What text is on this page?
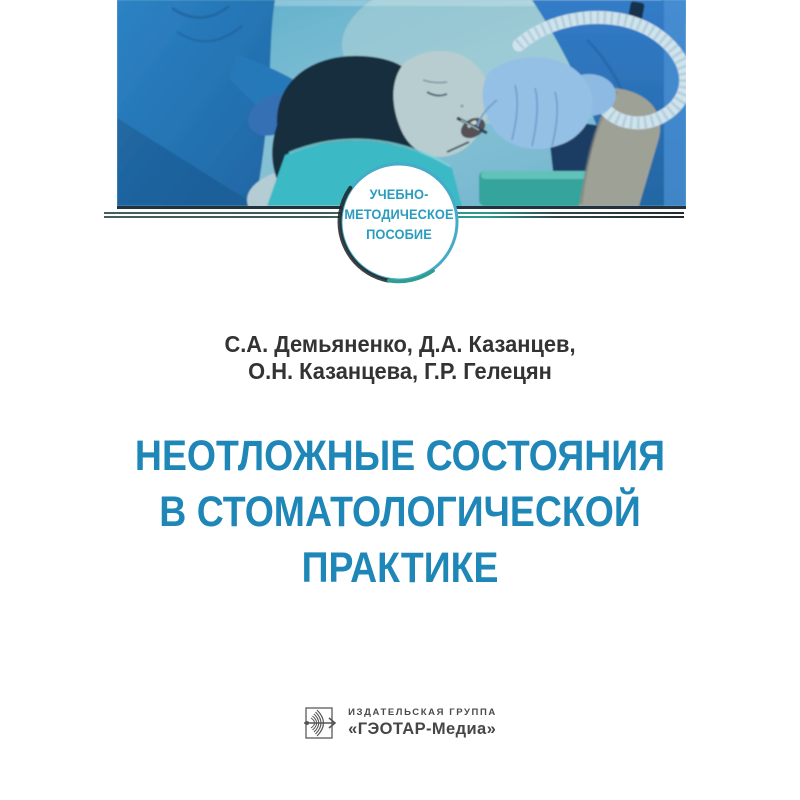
УЧЕБНО-
МЕТОДИЧЕСКОЕ
ПОСОБИЕ
С.А. Демьяненко, Д.А. Казанцев,
О.Н. Казанцева, Г.Р. Гелецян
НЕОТЛОЖНЫЕ СОСТОЯНИЯ
В СТОМАТОЛОГИЧЕСКОЙ
ПРАКТИКЕ
ИЗДАТЕЛЬСКАЯ ГРУППА
«ГЭОТАР-Медиа»
